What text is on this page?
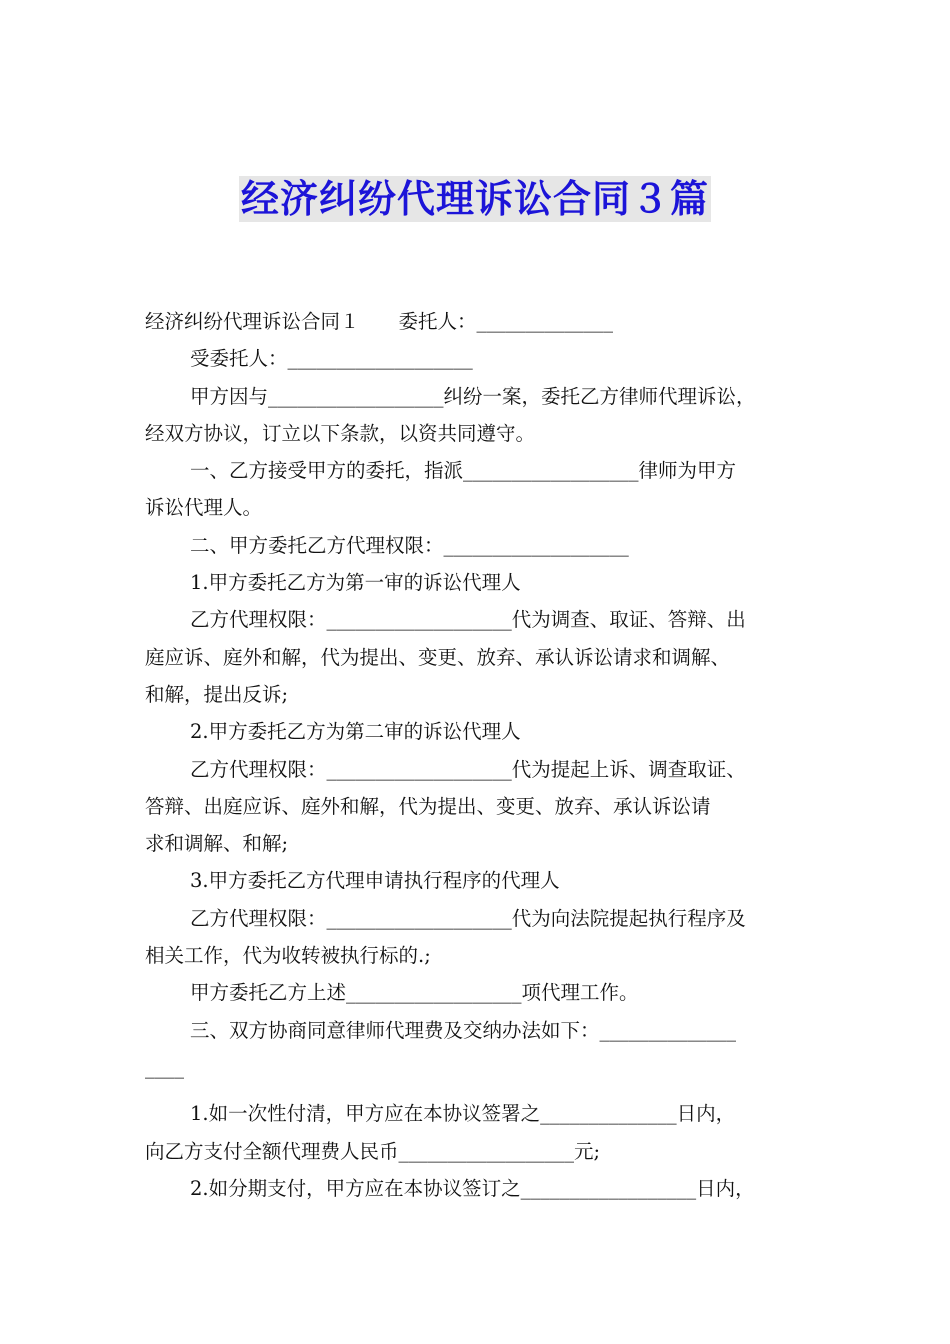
经济纠纷代理诉讼合同３篇
经济纠纷代理诉讼合同１　　委托人：______________
受委托人：___________________
甲方因与__________________纠纷一案，委托乙方律师代理诉讼，
经双方协议，订立以下条款，以资共同遵守。
一、乙方接受甲方的委托，指派__________________律师为甲方
诉讼代理人。
二、甲方委托乙方代理权限：___________________
1.甲方委托乙方为第一审的诉讼代理人
乙方代理权限：___________________代为调查、取证、答辩、出
庭应诉、庭外和解，代为提出、变更、放弃、承认诉讼请求和调解、
和解，提出反诉;
2.甲方委托乙方为第二审的诉讼代理人
乙方代理权限：___________________代为提起上诉、调查取证、
答辩、出庭应诉、庭外和解，代为提出、变更、放弃、承认诉讼请
求和调解、和解;
3.甲方委托乙方代理申请执行程序的代理人
乙方代理权限：___________________代为向法院提起执行程序及
相关工作，代为收转被执行标的.;
甲方委托乙方上述__________________项代理工作。
三、双方协商同意律师代理费及交纳办法如下：______________
____
1.如一次性付清，甲方应在本协议签署之______________日内，
向乙方支付全额代理费人民币__________________元;
2.如分期支付，甲方应在本协议签订之__________________日内，
